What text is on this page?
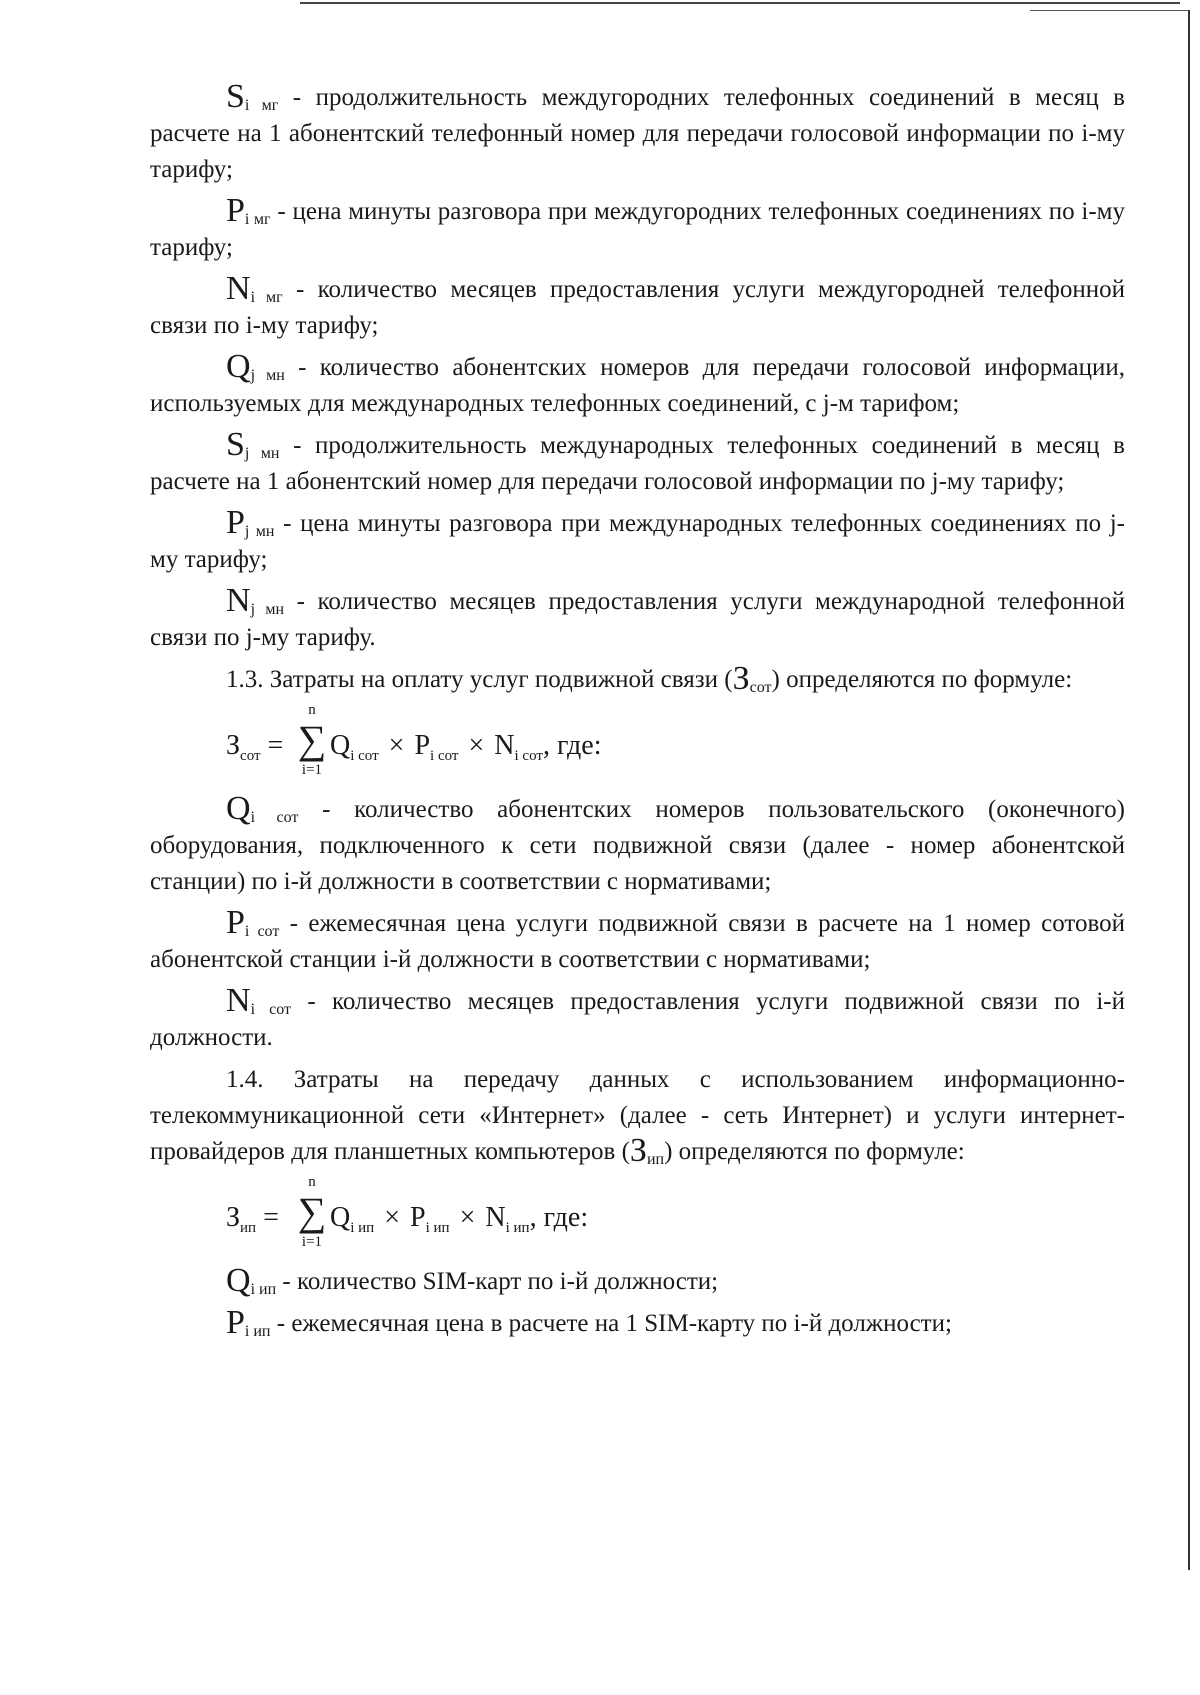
$S_{i мг}$ - продолжительность междугородних телефонных соединений в месяц в расчете на 1 абонентский телефонный номер для передачи голосовой информации по i-му тарифу;

$P_{i мг}$ - цена минуты разговора при междугородних телефонных соединениях по i-му тарифу;

$N_{i мг}$ - количество месяцев предоставления услуги междугородней телефонной связи по i-му тарифу;

$Q_{j мн}$ - количество абонентских номеров для передачи голосовой информации, используемых для международных телефонных соединений, с j-м тарифом;

$S_{j мн}$ - продолжительность международных телефонных соединений в месяц в расчете на 1 абонентский номер для передачи голосовой информации по j-му тарифу;

$P_{j мн}$ - цена минуты разговора при международных телефонных соединениях по j-му тарифу;

$N_{j мн}$ - количество месяцев предоставления услуги международной телефонной связи по j-му тарифу.

1.3. Затраты на оплату услуг подвижной связи $(З_{сот})$ определяются по формуле:

$З_{сот}$ =
n
∑
i=1
$Q_{i сот} \times P_{i сот} \times N_{i сот}$, где:

$Q_{i сот}$ - количество абонентских номеров пользовательского (оконечного) оборудования, подключенного к сети подвижной связи (далее - номер абонентской станции) по i-й должности в соответствии с нормативами;

$P_{i сот}$ - ежемесячная цена услуги подвижной связи в расчете на 1 номер сотовой абонентской станции i-й должности в соответствии с нормативами;

$N_{i сот}$ - количество месяцев предоставления услуги подвижной связи по i-й должности.

1.4. Затраты на передачу данных с использованием информационно-телекоммуникационной сети «Интернет» (далее - сеть Интернет) и услуги интернет-провайдеров для планшетных компьютеров $(З_{ип})$ определяются по формуле:

$З_{ип}$ =
n
∑
i=1
$Q_{i ип} \times P_{i ип} \times N_{i ип}$, где:

$Q_{i ип}$ - количество SIM-карт по i-й должности;

$P_{i ип}$ - ежемесячная цена в расчете на 1 SIM-карту по i-й должности;
